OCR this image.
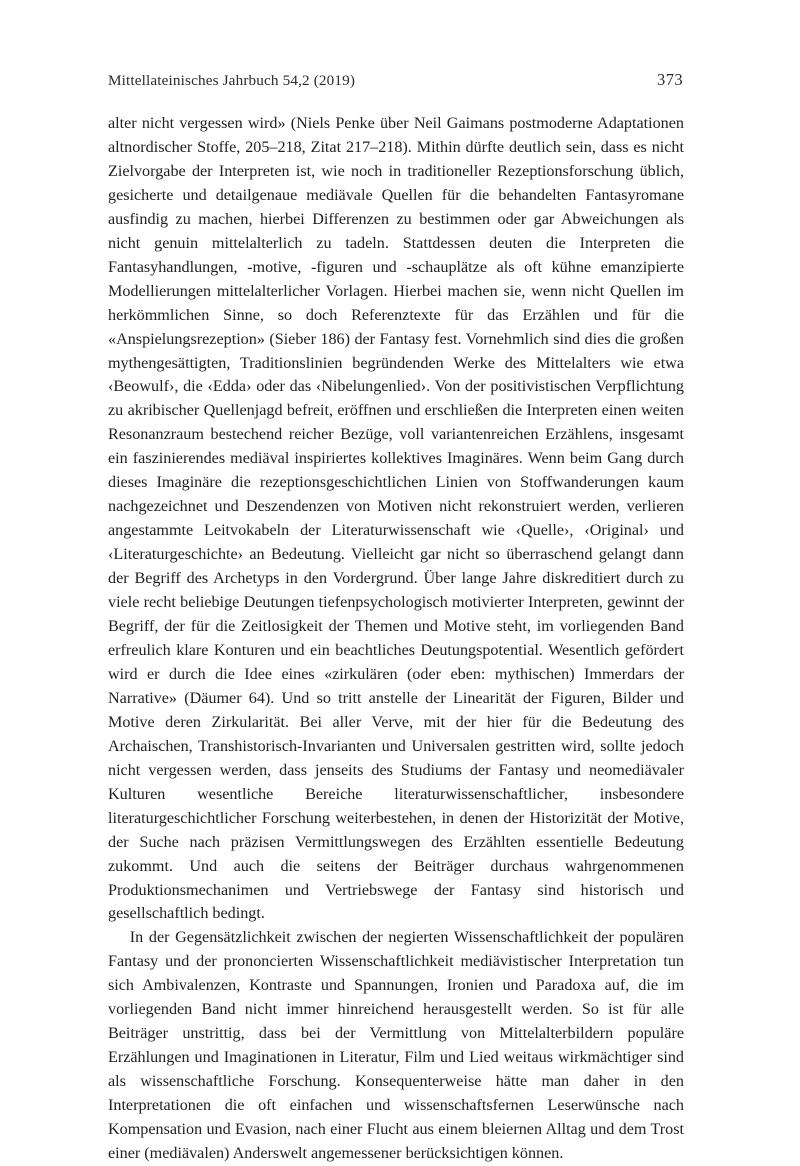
Mittellateinisches Jahrbuch 54,2 (2019)	373

alter nicht vergessen wird» (Niels Penke über Neil Gaimans postmoderne Adaptationen altnordischer Stoffe, 205–218, Zitat 217–218). Mithin dürfte deutlich sein, dass es nicht Zielvorgabe der Interpreten ist, wie noch in traditioneller Rezeptionsforschung üblich, gesicherte und detailgenaue mediävale Quellen für die behandelten Fantasyromane ausfindig zu machen, hierbei Differenzen zu bestimmen oder gar Abweichungen als nicht genuin mittelalterlich zu tadeln. Stattdessen deuten die Interpreten die Fantasyhandlungen, -motive, -figuren und -schauplätze als oft kühne emanzipierte Modellierungen mittelalterlicher Vorlagen. Hierbei machen sie, wenn nicht Quellen im herkömmlichen Sinne, so doch Referenztexte für das Erzählen und für die «Anspielungsrezeption» (Sieber 186) der Fantasy fest. Vornehmlich sind dies die großen mythengesättigten, Traditionslinien begründenden Werke des Mittelalters wie etwa ‹Beowulf›, die ‹Edda› oder das ‹Nibelungenlied›. Von der positivistischen Verpflichtung zu akribischer Quellenjagd befreit, eröffnen und erschließen die Interpreten einen weiten Resonanzraum bestechend reicher Bezüge, voll variantenreichen Erzählens, insgesamt ein faszinierendes mediäval inspiriertes kollektives Imaginäres. Wenn beim Gang durch dieses Imaginäre die rezeptionsgeschichtlichen Linien von Stoffwanderungen kaum nachgezeichnet und Deszendenzen von Motiven nicht rekonstruiert werden, verlieren angestammte Leitvokabeln der Literaturwissenschaft wie ‹Quelle›, ‹Original› und ‹Literaturgeschichte› an Bedeutung. Vielleicht gar nicht so überraschend gelangt dann der Begriff des Archetyps in den Vordergrund. Über lange Jahre diskreditiert durch zu viele recht beliebige Deutungen tiefenpsychologisch motivierter Interpreten, gewinnt der Begriff, der für die Zeitlosigkeit der Themen und Motive steht, im vorliegenden Band erfreulich klare Konturen und ein beachtliches Deutungspotential. Wesentlich gefördert wird er durch die Idee eines «zirkulären (oder eben: mythischen) Immerdars der Narrative» (Däumer 64). Und so tritt anstelle der Linearität der Figuren, Bilder und Motive deren Zirkularität. Bei aller Verve, mit der hier für die Bedeutung des Archaischen, Transhistorisch-Invarianten und Universalen gestritten wird, sollte jedoch nicht vergessen werden, dass jenseits des Studiums der Fantasy und neomediävaler Kulturen wesentliche Bereiche literaturwissenschaftlicher, insbesondere literaturgeschichtlicher Forschung weiterbestehen, in denen der Historizität der Motive, der Suche nach präzisen Vermittlungswegen des Erzählten essentielle Bedeutung zukommt. Und auch die seitens der Beiträger durchaus wahrgenommenen Produktionsmechanimen und Vertriebswege der Fantasy sind historisch und gesellschaftlich bedingt.

In der Gegensätzlichkeit zwischen der negierten Wissenschaftlichkeit der populären Fantasy und der prononcierten Wissenschaftlichkeit mediävistischer Interpretation tun sich Ambivalenzen, Kontraste und Spannungen, Ironien und Paradoxa auf, die im vorliegenden Band nicht immer hinreichend herausgestellt werden. So ist für alle Beiträger unstrittig, dass bei der Vermittlung von Mittelalterbildern populäre Erzählungen und Imaginationen in Literatur, Film und Lied weitaus wirkmächtiger sind als wissenschaftliche Forschung. Konsequenterweise hätte man daher in den Interpretationen die oft einfachen und wissenschaftsfernen Leserwünsche nach Kompensation und Evasion, nach einer Flucht aus einem bleiernen Alltag und dem Trost einer (mediävalen) Anderswelt angemessener berücksichtigen können.
